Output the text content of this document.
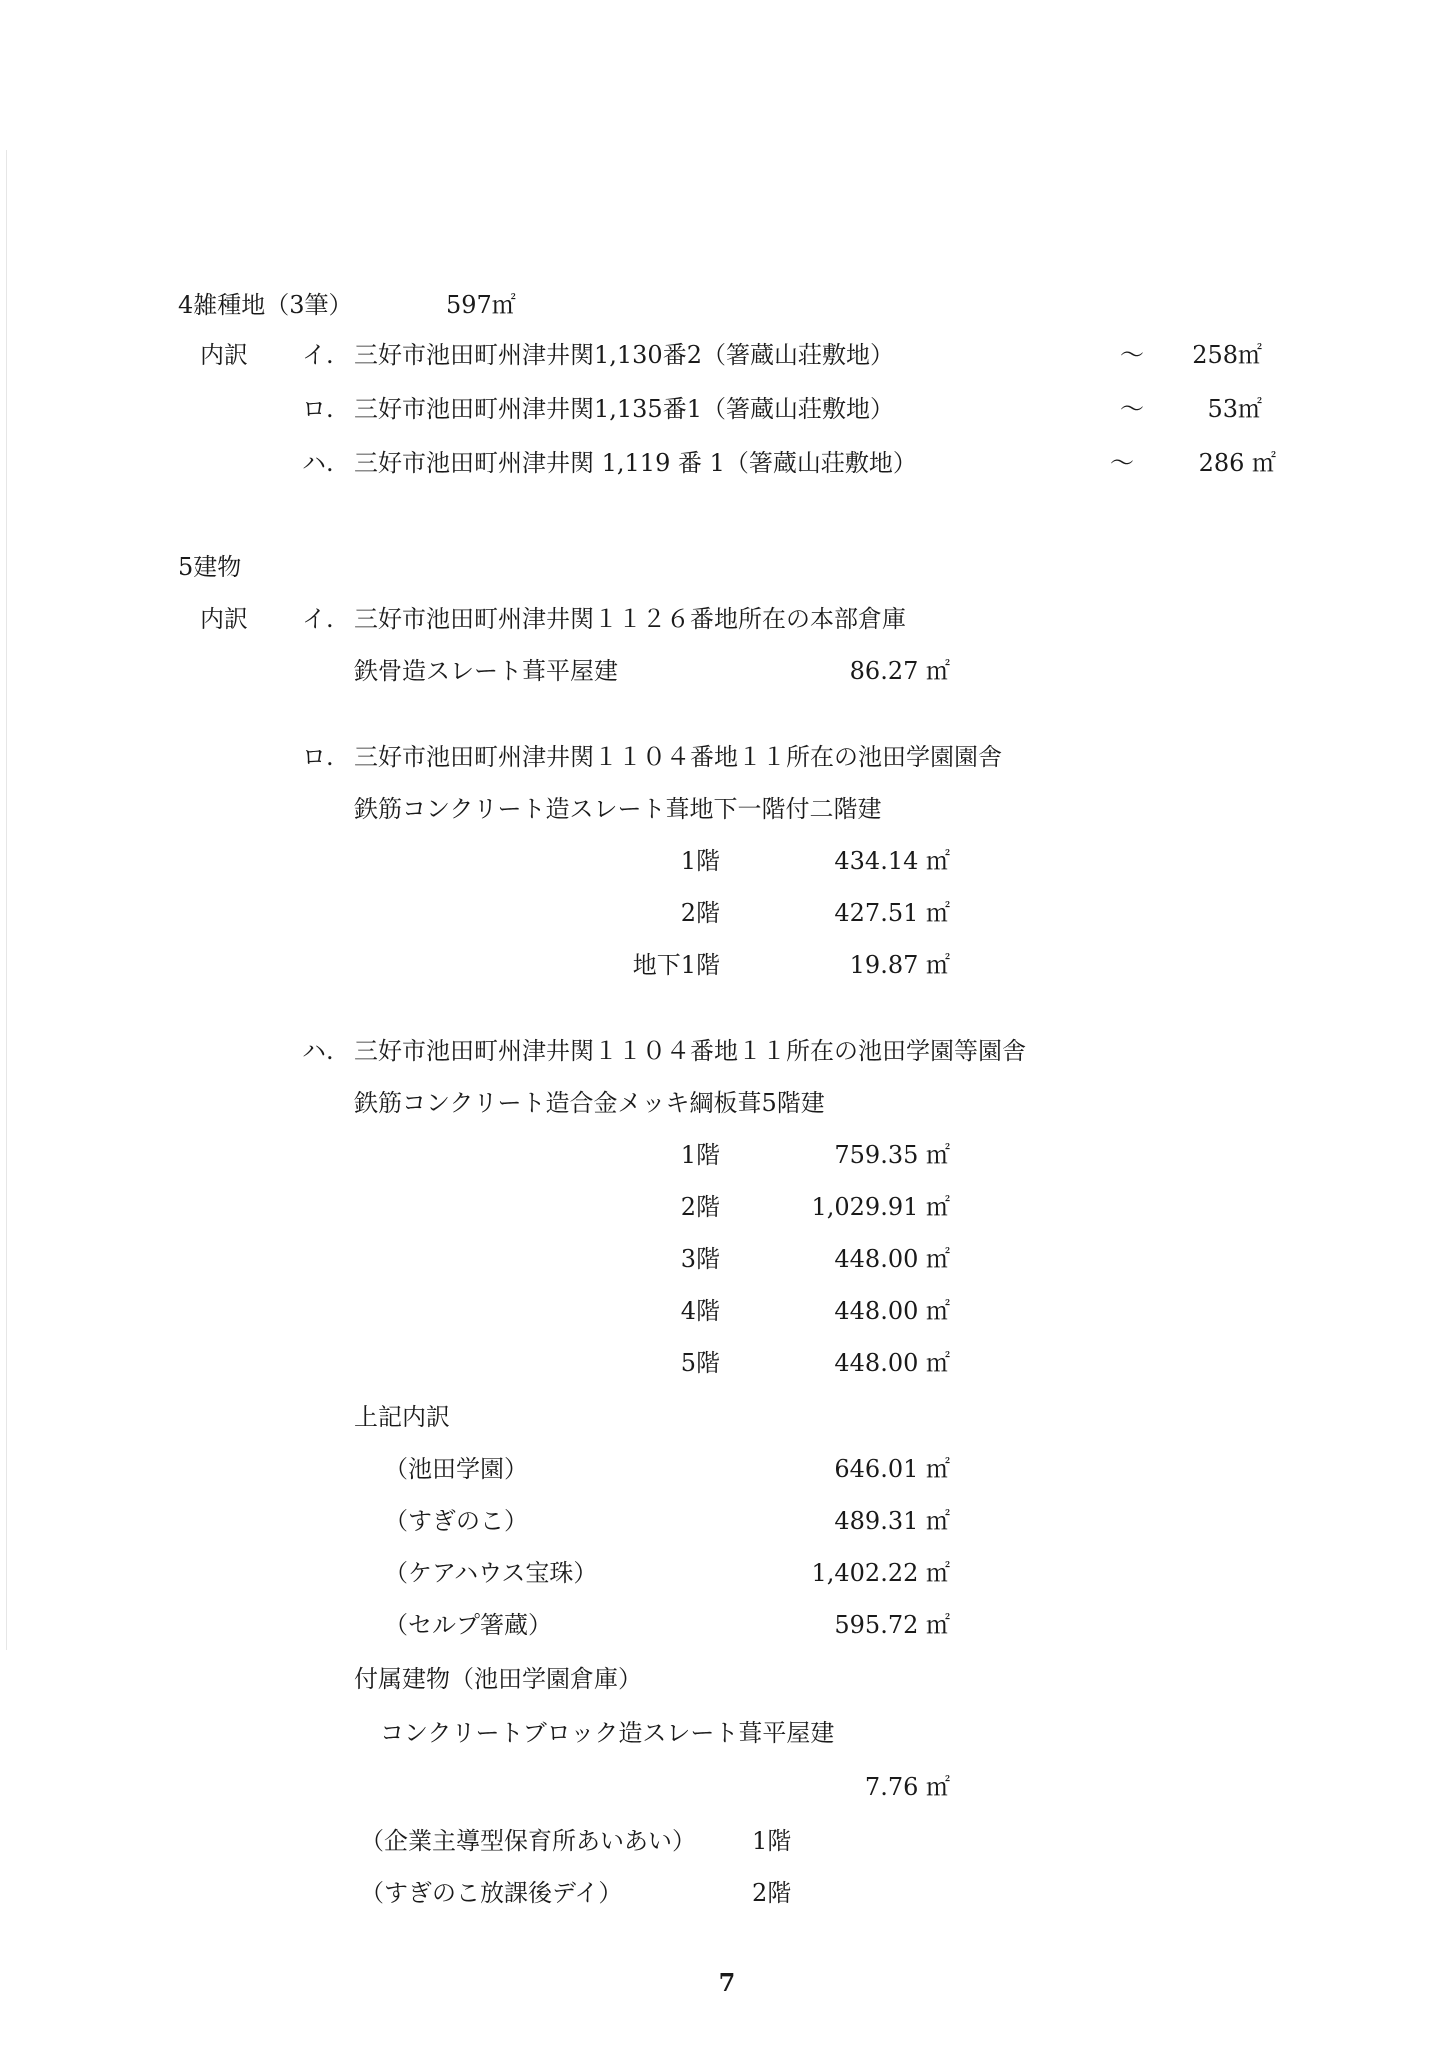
4雑種地（3筆）	597㎡
内訳 イ. 三好市池田町州津井関1,130番2（箸蔵山荘敷地）	～	258㎡
ロ. 三好市池田町州津井関1,135番1（箸蔵山荘敷地）	～	53㎡
ハ. 三好市池田町州津井関 1,119 番 1（箸蔵山荘敷地）	～	286 ㎡
5建物
内訳 イ. 三好市池田町州津井関１１２６番地所在の本部倉庫
鉄骨造スレート葺平屋建	86.27 ㎡
ロ. 三好市池田町州津井関１１０４番地１１所在の池田学園園舎
鉄筋コンクリート造スレート葺地下一階付二階建
1階	434.14 ㎡
2階	427.51 ㎡
地下1階	19.87 ㎡
ハ. 三好市池田町州津井関１１０４番地１１所在の池田学園等園舎
鉄筋コンクリート造合金メッキ綱板葺5階建
1階	759.35 ㎡
2階	1,029.91 ㎡
3階	448.00 ㎡
4階	448.00 ㎡
5階	448.00 ㎡
上記内訳
（池田学園）	646.01 ㎡
（すぎのこ）	489.31 ㎡
（ケアハウス宝珠）	1,402.22 ㎡
（セルプ箸蔵）	595.72 ㎡
付属建物（池田学園倉庫）
コンクリートブロック造スレート葺平屋建
7.76 ㎡
（企業主導型保育所あいあい） 1階
（すぎのこ放課後デイ）	2階
7
